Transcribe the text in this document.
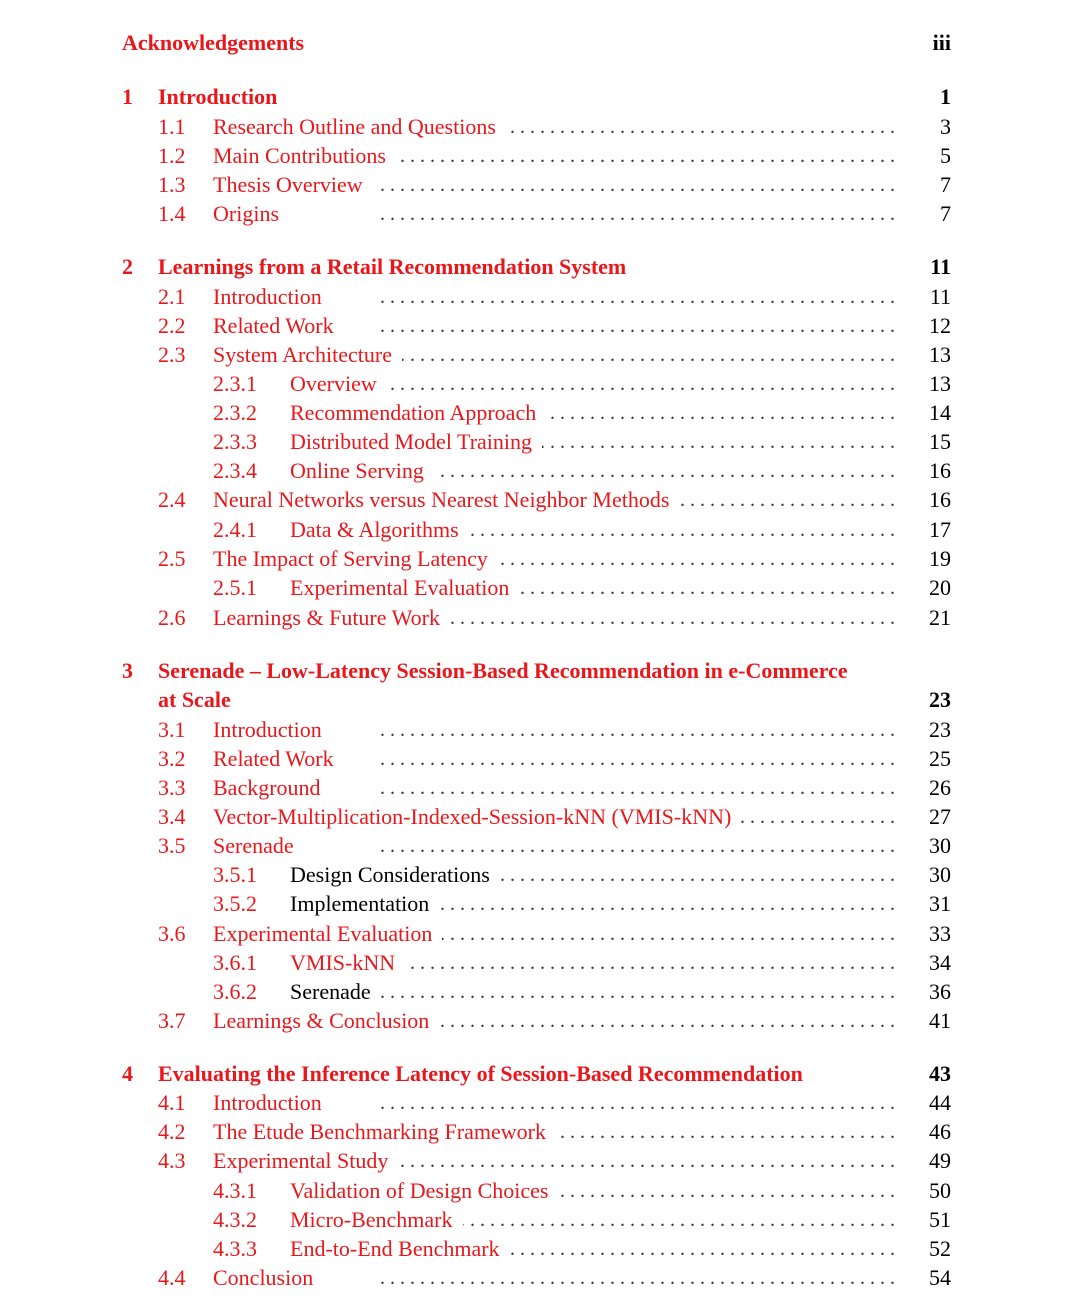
Acknowledgements	iii
1 Introduction	1
1.1 Research Outline and Questions . . .	3
1.2 Main Contributions . . .	5
1.3 Thesis Overview . . .	7
1.4 Origins . . .	7
2 Learnings from a Retail Recommendation System	11
2.1 Introduction . . .	11
2.2 Related Work . . .	12
2.3 System Architecture . . .	13
2.3.1 Overview . . .	13
2.3.2 Recommendation Approach . . .	14
2.3.3 Distributed Model Training . . .	15
2.3.4 Online Serving . . .	16
2.4 Neural Networks versus Nearest Neighbor Methods . . .	16
2.4.1 Data & Algorithms . . .	17
2.5 The Impact of Serving Latency . . .	19
2.5.1 Experimental Evaluation . . .	20
2.6 Learnings & Future Work . . .	21
3 Serenade – Low-Latency Session-Based Recommendation in e-Commerce
at Scale	23
3.1 Introduction . . .	23
3.2 Related Work . . .	25
3.3 Background . . .	26
3.4 Vector-Multiplication-Indexed-Session-kNN (VMIS-kNN) . . .	27
3.5 Serenade . . .	30
3.5.1 Design Considerations . . .	30
3.5.2 Implementation . . .	31
3.6 Experimental Evaluation . . .	33
3.6.1 VMIS-kNN . . .	34
3.6.2 Serenade . . .	36
3.7 Learnings & Conclusion . . .	41
4 Evaluating the Inference Latency of Session-Based Recommendation	43
4.1 Introduction . . .	44
4.2 The Etude Benchmarking Framework . . .	46
4.3 Experimental Study . . .	49
4.3.1 Validation of Design Choices . . .	50
4.3.2 Micro-Benchmark . . .	51
4.3.3 End-to-End Benchmark . . .	52
4.4 Conclusion . . .	54
